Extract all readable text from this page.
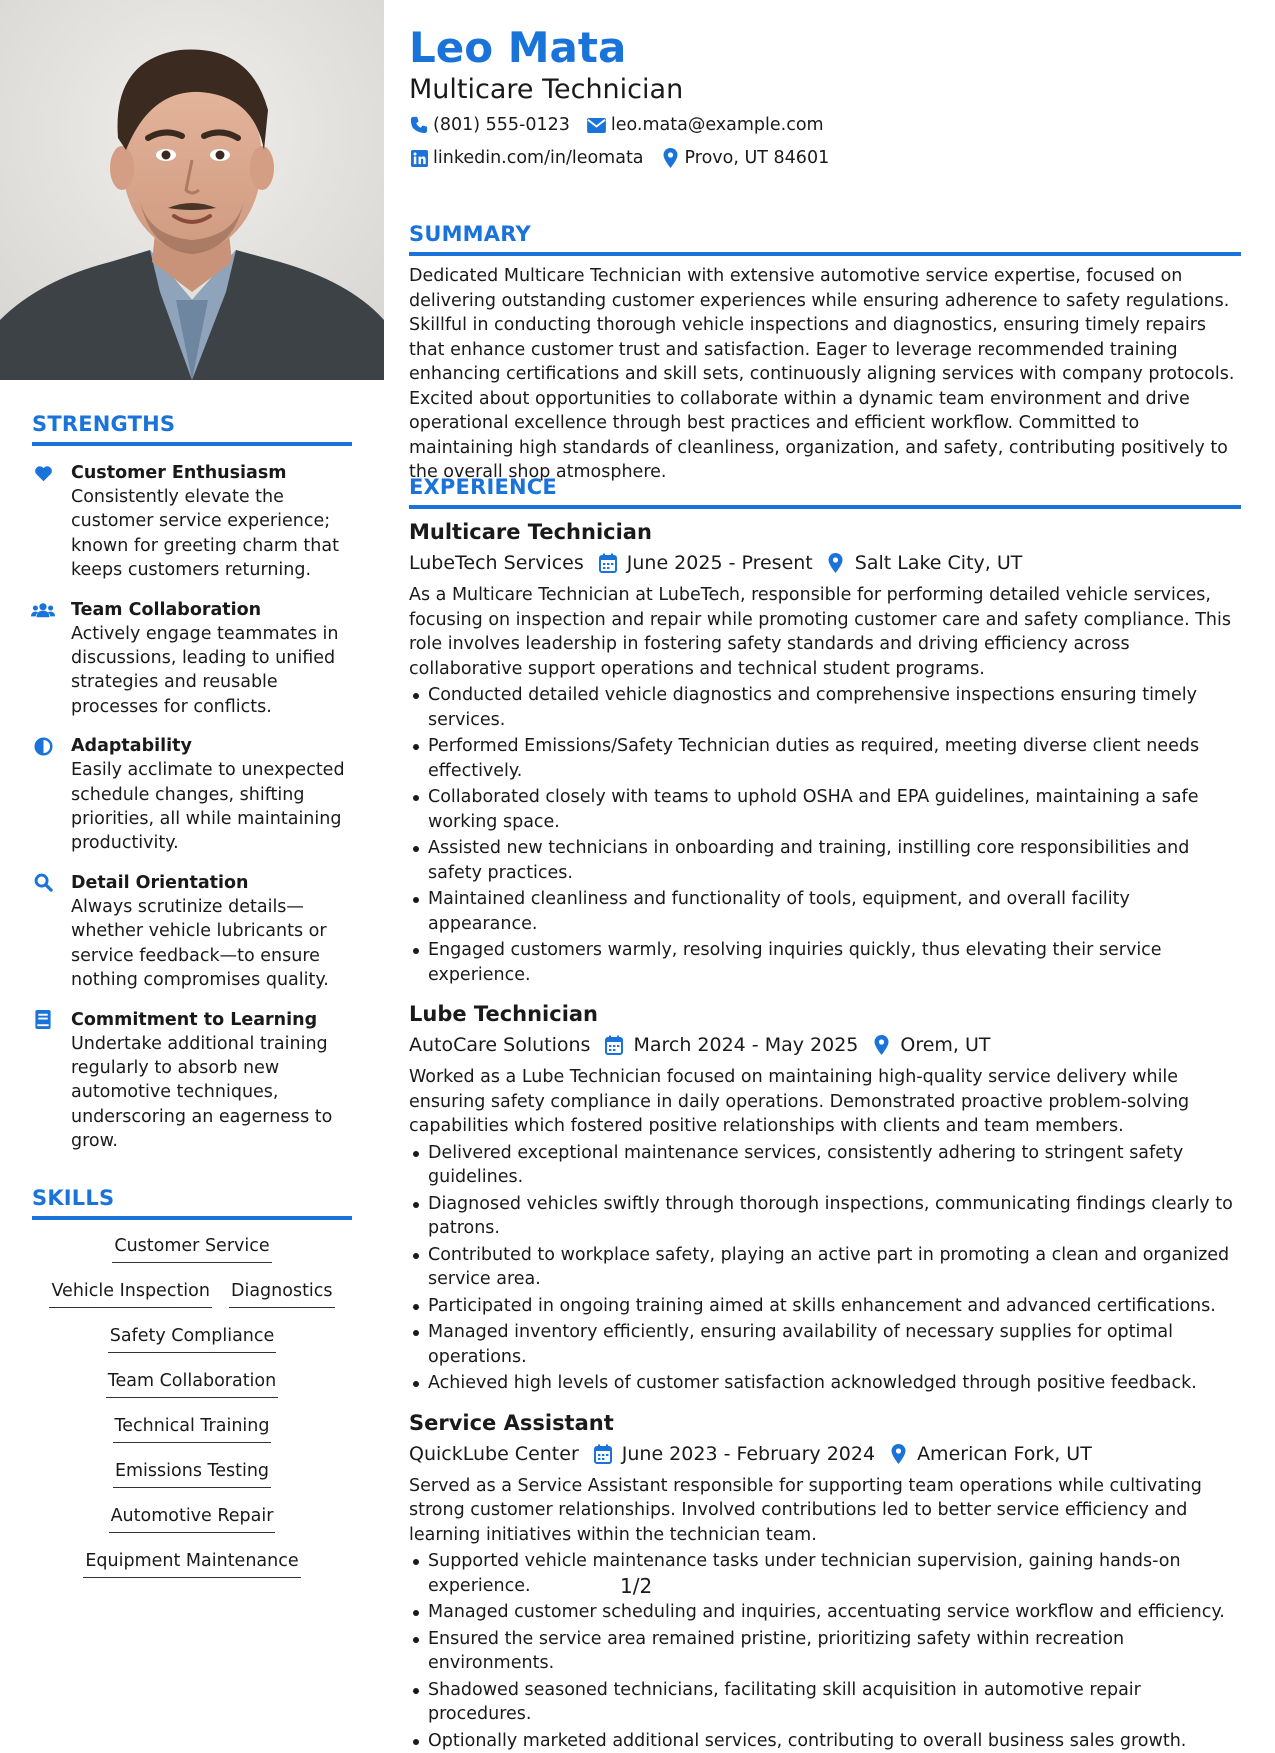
STRENGTHS
Customer Enthusiasm
Consistently elevate the customer service experience; known for greeting charm that keeps customers returning.
Team Collaboration
Actively engage teammates in discussions, leading to unified strategies and reusable processes for conflicts.
Adaptability
Easily acclimate to unexpected schedule changes, shifting priorities, all while maintaining productivity.
Detail Orientation
Always scrutinize details—whether vehicle lubricants or service feedback—to ensure nothing compromises quality.
Commitment to Learning
Undertake additional training regularly to absorb new automotive techniques, underscoring an eagerness to grow.
SKILLS
Customer Service
Vehicle Inspection Diagnostics
Safety Compliance
Team Collaboration
Technical Training
Emissions Testing
Automotive Repair
Equipment Maintenance
Leo Mata
Multicare Technician
(801) 555-0123 leo.mata@example.com
linkedin.com/in/leomata Provo, UT 84601
SUMMARY

Dedicated Multicare Technician with extensive automotive service expertise, focused on delivering outstanding customer experiences while ensuring adherence to safety regulations. Skillful in conducting thorough vehicle inspections and diagnostics, ensuring timely repairs that enhance customer trust and satisfaction. Eager to leverage recommended training enhancing certifications and skill sets, continuously aligning services with company protocols. Excited about opportunities to collaborate within a dynamic team environment and drive operational excellence through best practices and efficient workflow. Committed to maintaining high standards of cleanliness, organization, and safety, contributing positively to the overall shop atmosphere.

EXPERIENCE
Multicare Technician
LubeTech Services June 2025 - Present Salt Lake City, UT

As a Multicare Technician at LubeTech, responsible for performing detailed vehicle services, focusing on inspection and repair while promoting customer care and safety compliance. This role involves leadership in fostering safety standards and driving efficiency across collaborative support operations and technical student programs.

Conducted detailed vehicle diagnostics and comprehensive inspections ensuring timely services.
Performed Emissions/Safety Technician duties as required, meeting diverse client needs effectively.
Collaborated closely with teams to uphold OSHA and EPA guidelines, maintaining a safe working space.
Assisted new technicians in onboarding and training, instilling core responsibilities and safety practices.
Maintained cleanliness and functionality of tools, equipment, and overall facility appearance.
Engaged customers warmly, resolving inquiries quickly, thus elevating their service experience.
Lube Technician
AutoCare Solutions March 2024 - May 2025 Orem, UT

Worked as a Lube Technician focused on maintaining high-quality service delivery while ensuring safety compliance in daily operations. Demonstrated proactive problem-solving capabilities which fostered positive relationships with clients and team members.

Delivered exceptional maintenance services, consistently adhering to stringent safety guidelines.
Diagnosed vehicles swiftly through thorough inspections, communicating findings clearly to patrons.
Contributed to workplace safety, playing an active part in promoting a clean and organized service area.
Participated in ongoing training aimed at skills enhancement and advanced certifications.
Managed inventory efficiently, ensuring availability of necessary supplies for optimal operations.
Achieved high levels of customer satisfaction acknowledged through positive feedback.
Service Assistant
QuickLube Center June 2023 - February 2024 American Fork, UT

Served as a Service Assistant responsible for supporting team operations while cultivating strong customer relationships. Involved contributions led to better service efficiency and learning initiatives within the technician team.

Supported vehicle maintenance tasks under technician supervision, gaining hands-on experience.
Managed customer scheduling and inquiries, accentuating service workflow and efficiency.
Ensured the service area remained pristine, prioritizing safety within recreation environments.
Shadowed seasoned technicians, facilitating skill acquisition in automotive repair procedures.
Optionally marketed additional services, contributing to overall business sales growth.
1/2
